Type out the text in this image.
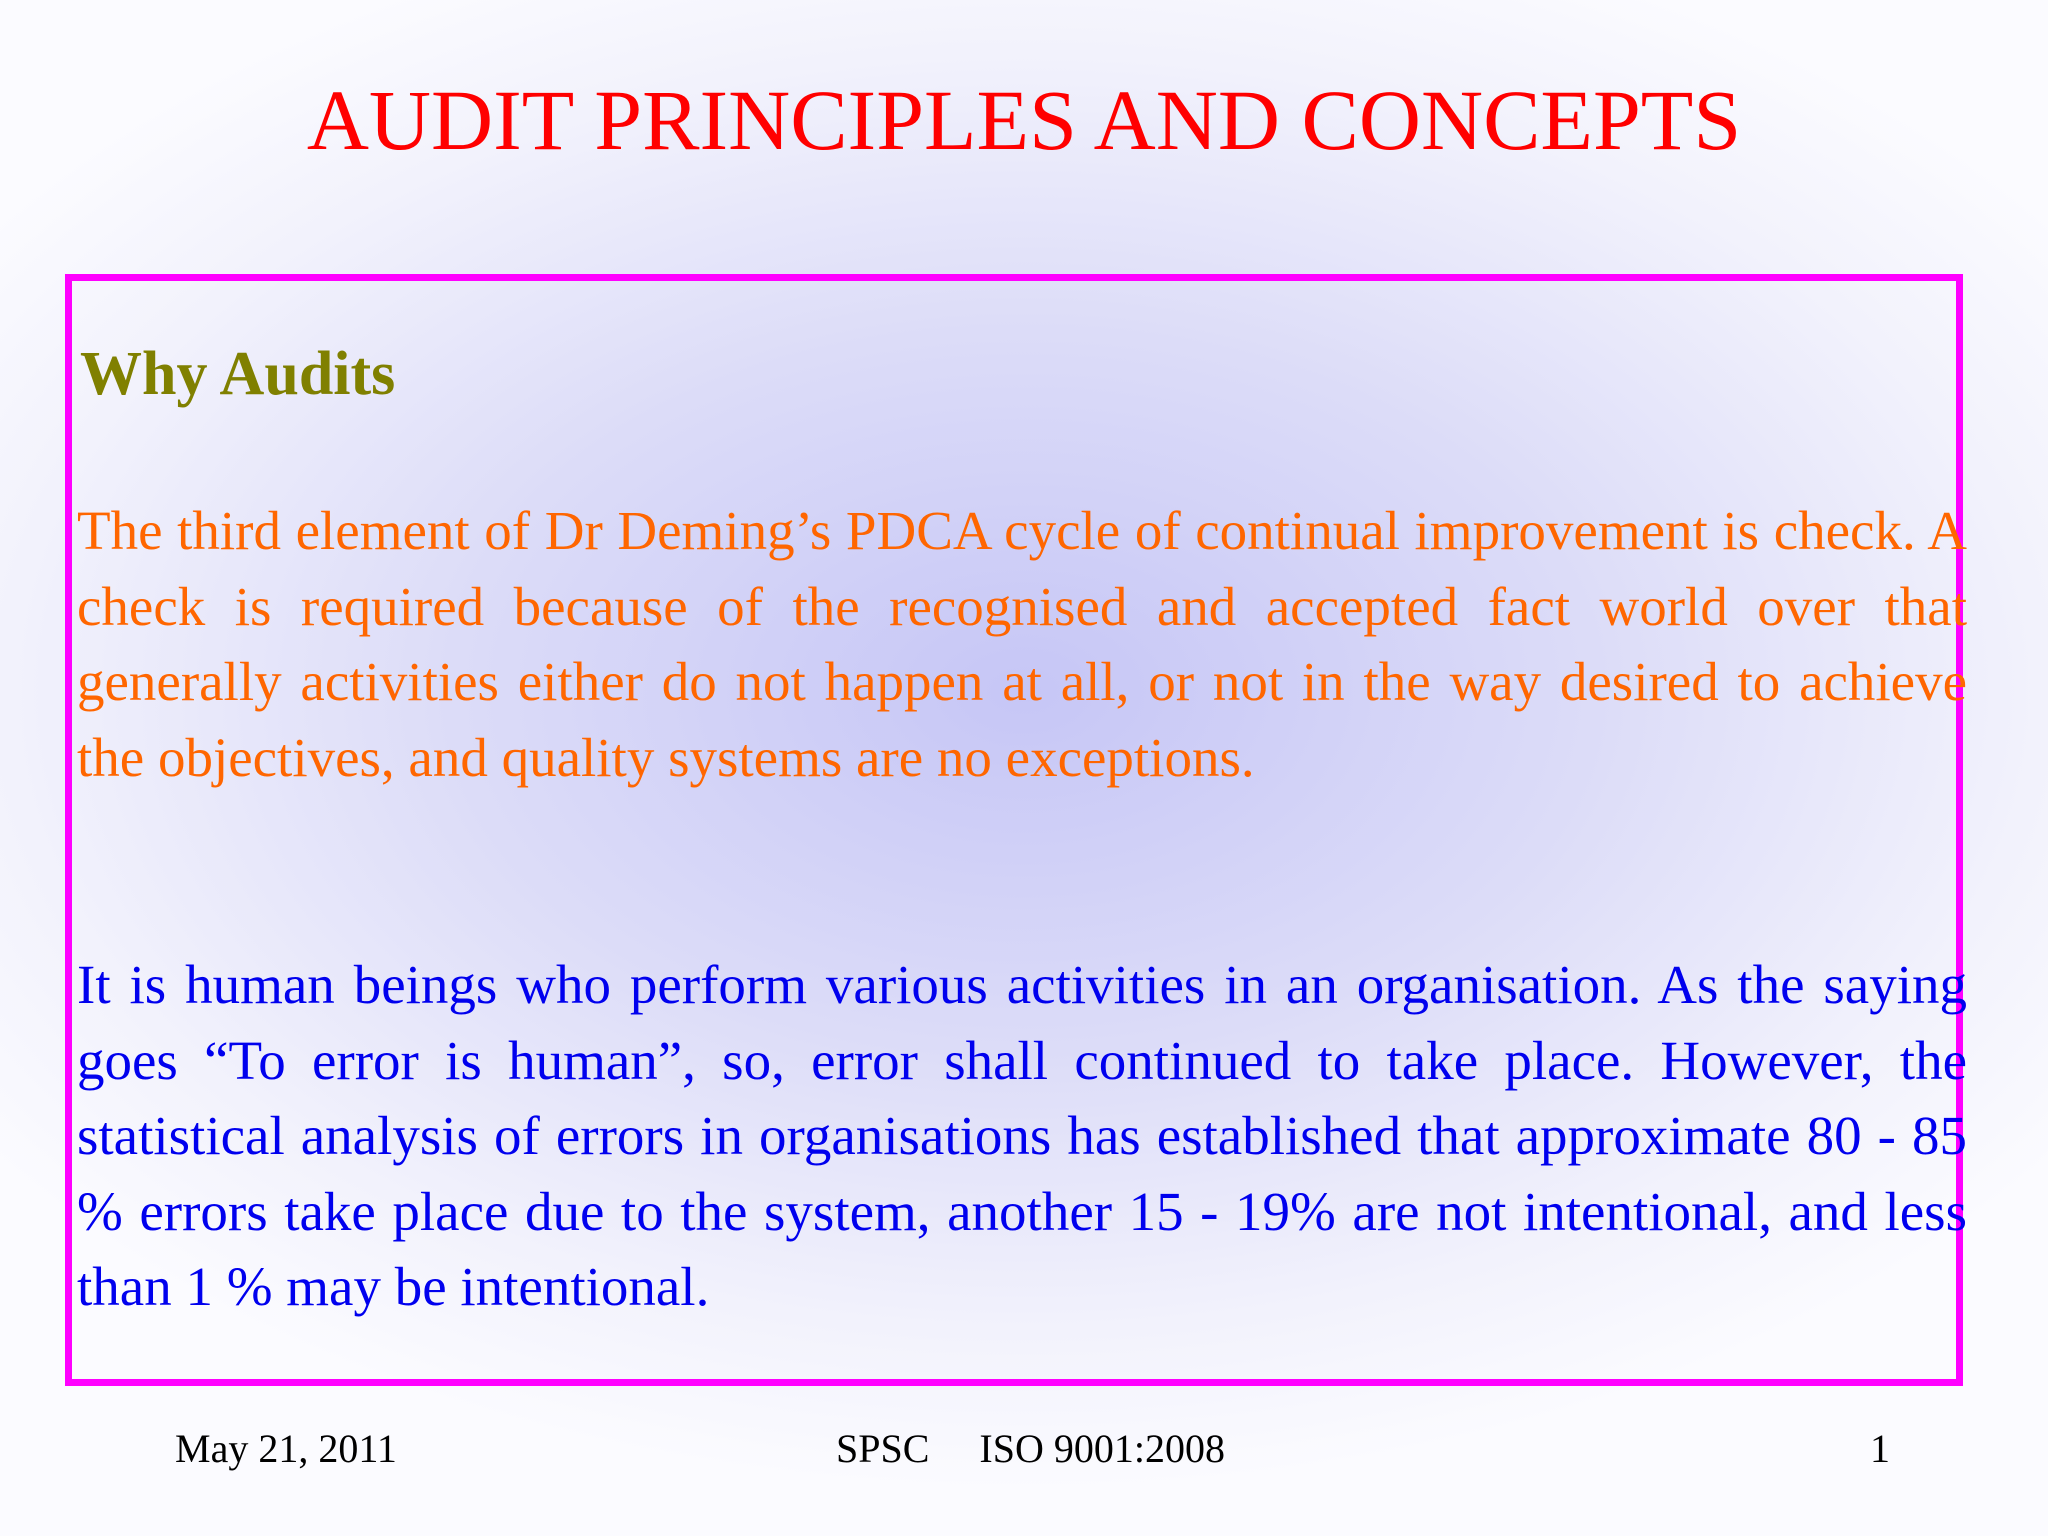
AUDIT PRINCIPLES AND CONCEPTS
Why Audits

The third element of Dr Deming’s PDCA cycle of continual improvement is check. A check is required because of the recognised and accepted fact world over that generally activities either do not happen at all, or not in the way desired to achieve the objectives, and quality systems are no exceptions.

It is human beings who perform various activities in an organisation. As the saying goes “To error is human”, so, error shall continued to take place. However, the statistical analysis of errors in organisations has established that approximate 80 - 85 % errors take place due to the system, another 15 - 19% are not intentional, and less than 1 % may be intentional.

May 21, 2011	SPSC ISO 9001:2008	1
